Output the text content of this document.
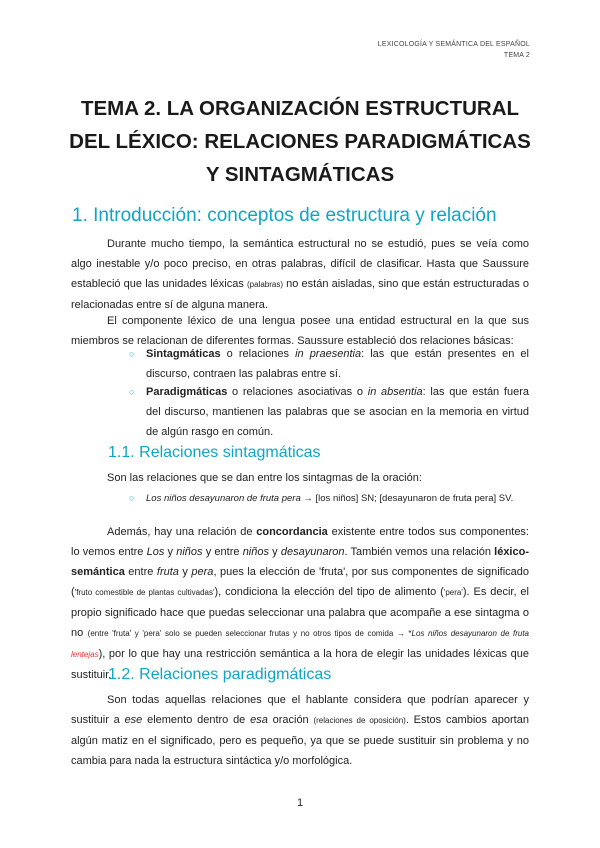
LEXICOLOGÍA Y SEMÁNTICA DEL ESPAÑOL
TEMA 2
TEMA 2. LA ORGANIZACIÓN ESTRUCTURAL DEL LÉXICO: RELACIONES PARADIGMÁTICAS Y SINTAGMÁTICAS
1. Introducción: conceptos de estructura y relación
Durante mucho tiempo, la semántica estructural no se estudió, pues se veía como algo inestable y/o poco preciso, en otras palabras, difícil de clasificar. Hasta que Saussure estableció que las unidades léxicas (palabras) no están aisladas, sino que están estructuradas o relacionadas entre sí de alguna manera.
El componente léxico de una lengua posee una entidad estructural en la que sus miembros se relacionan de diferentes formas. Saussure estableció dos relaciones básicas:
○ Sintagmáticas o relaciones in praesentia: las que están presentes en el discurso, contraen las palabras entre sí.
○ Paradigmáticas o relaciones asociativas o in absentia: las que están fuera del discurso, mantienen las palabras que se asocian en la memoria en virtud de algún rasgo en común.
1.1. Relaciones sintagmáticas
Son las relaciones que se dan entre los sintagmas de la oración:
○ Los niños desayunaron de fruta pera → [los niños] SN; [desayunaron de fruta pera] SV.
Además, hay una relación de concordancia existente entre todos sus componentes: lo vemos entre Los y niños y entre niños y desayunaron. También vemos una relación léxico-semántica entre fruta y pera, pues la elección de 'fruta', por sus componentes de significado ('fruto comestible de plantas cultivadas'), condiciona la elección del tipo de alimento ('pera'). Es decir, el propio significado hace que puedas seleccionar una palabra que acompañe a ese sintagma o no (entre 'fruta' y 'pera' solo se pueden seleccionar frutas y no otros tipos de comida → *Los niños desayunaron de fruta lentejas), por lo que hay una restricción semántica a la hora de elegir las unidades léxicas que sustituir.
1.2. Relaciones paradigmáticas
Son todas aquellas relaciones que el hablante considera que podrían aparecer y sustituir a ese elemento dentro de esa oración (relaciones de oposición). Estos cambios aportan algún matiz en el significado, pero es pequeño, ya que se puede sustituir sin problema y no cambia para nada la estructura sintáctica y/o morfológica.
1
